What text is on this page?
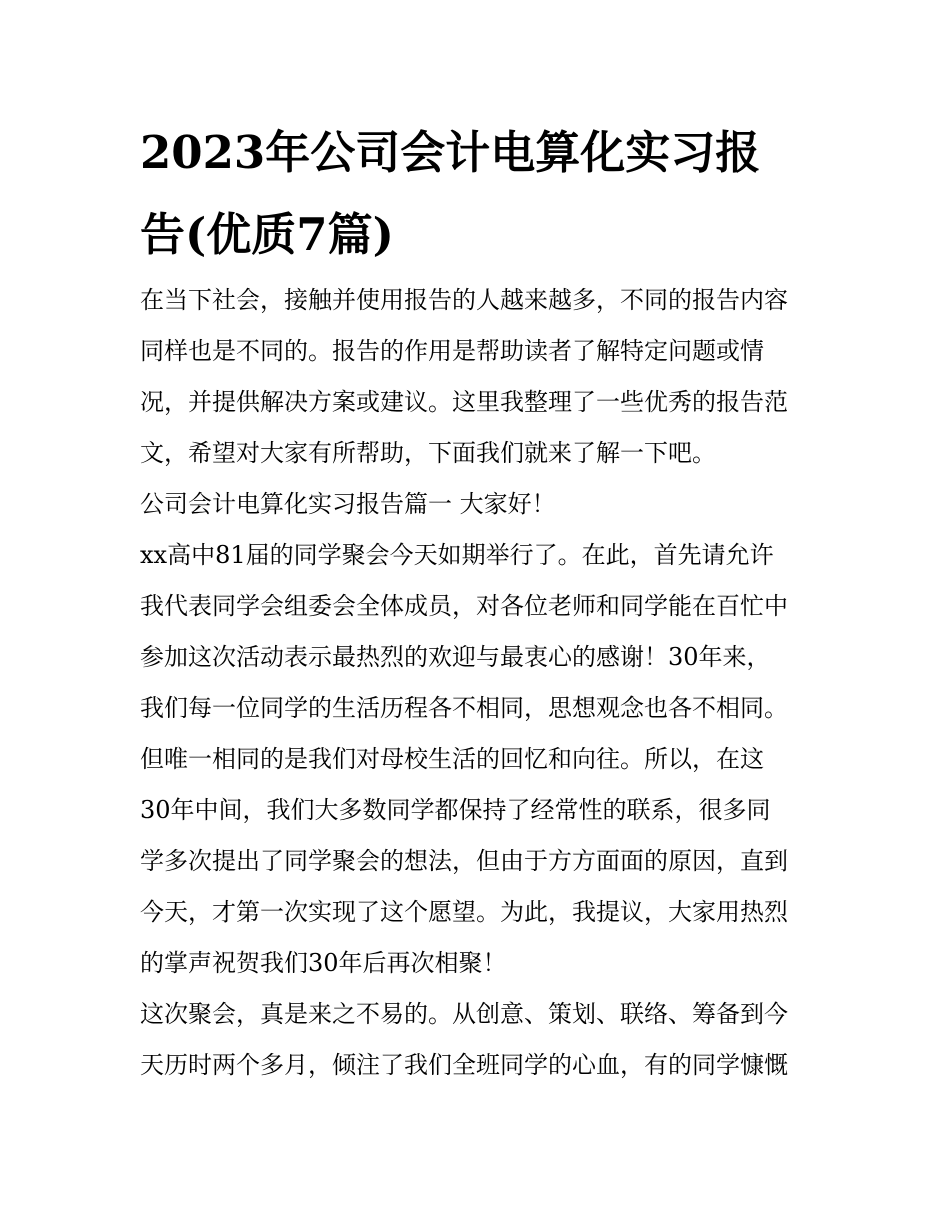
2023年公司会计电算化实习报
告(优质7篇)
在当下社会，接触并使用报告的人越来越多，不同的报告内容
同样也是不同的。报告的作用是帮助读者了解特定问题或情
况，并提供解决方案或建议。这里我整理了一些优秀的报告范
文，希望对大家有所帮助，下面我们就来了解一下吧。
公司会计电算化实习报告篇一 大家好！
xx高中81届的同学聚会今天如期举行了。在此，首先请允许
我代表同学会组委会全体成员，对各位老师和同学能在百忙中
参加这次活动表示最热烈的欢迎与最衷心的感谢！30年来，
我们每一位同学的生活历程各不相同，思想观念也各不相同。
但唯一相同的是我们对母校生活的回忆和向往。所以，在这
30年中间，我们大多数同学都保持了经常性的联系，很多同
学多次提出了同学聚会的想法，但由于方方面面的原因，直到
今天，才第一次实现了这个愿望。为此，我提议，大家用热烈
的掌声祝贺我们30年后再次相聚！
这次聚会，真是来之不易的。从创意、策划、联络、筹备到今
天历时两个多月，倾注了我们全班同学的心血，有的同学慷慨
